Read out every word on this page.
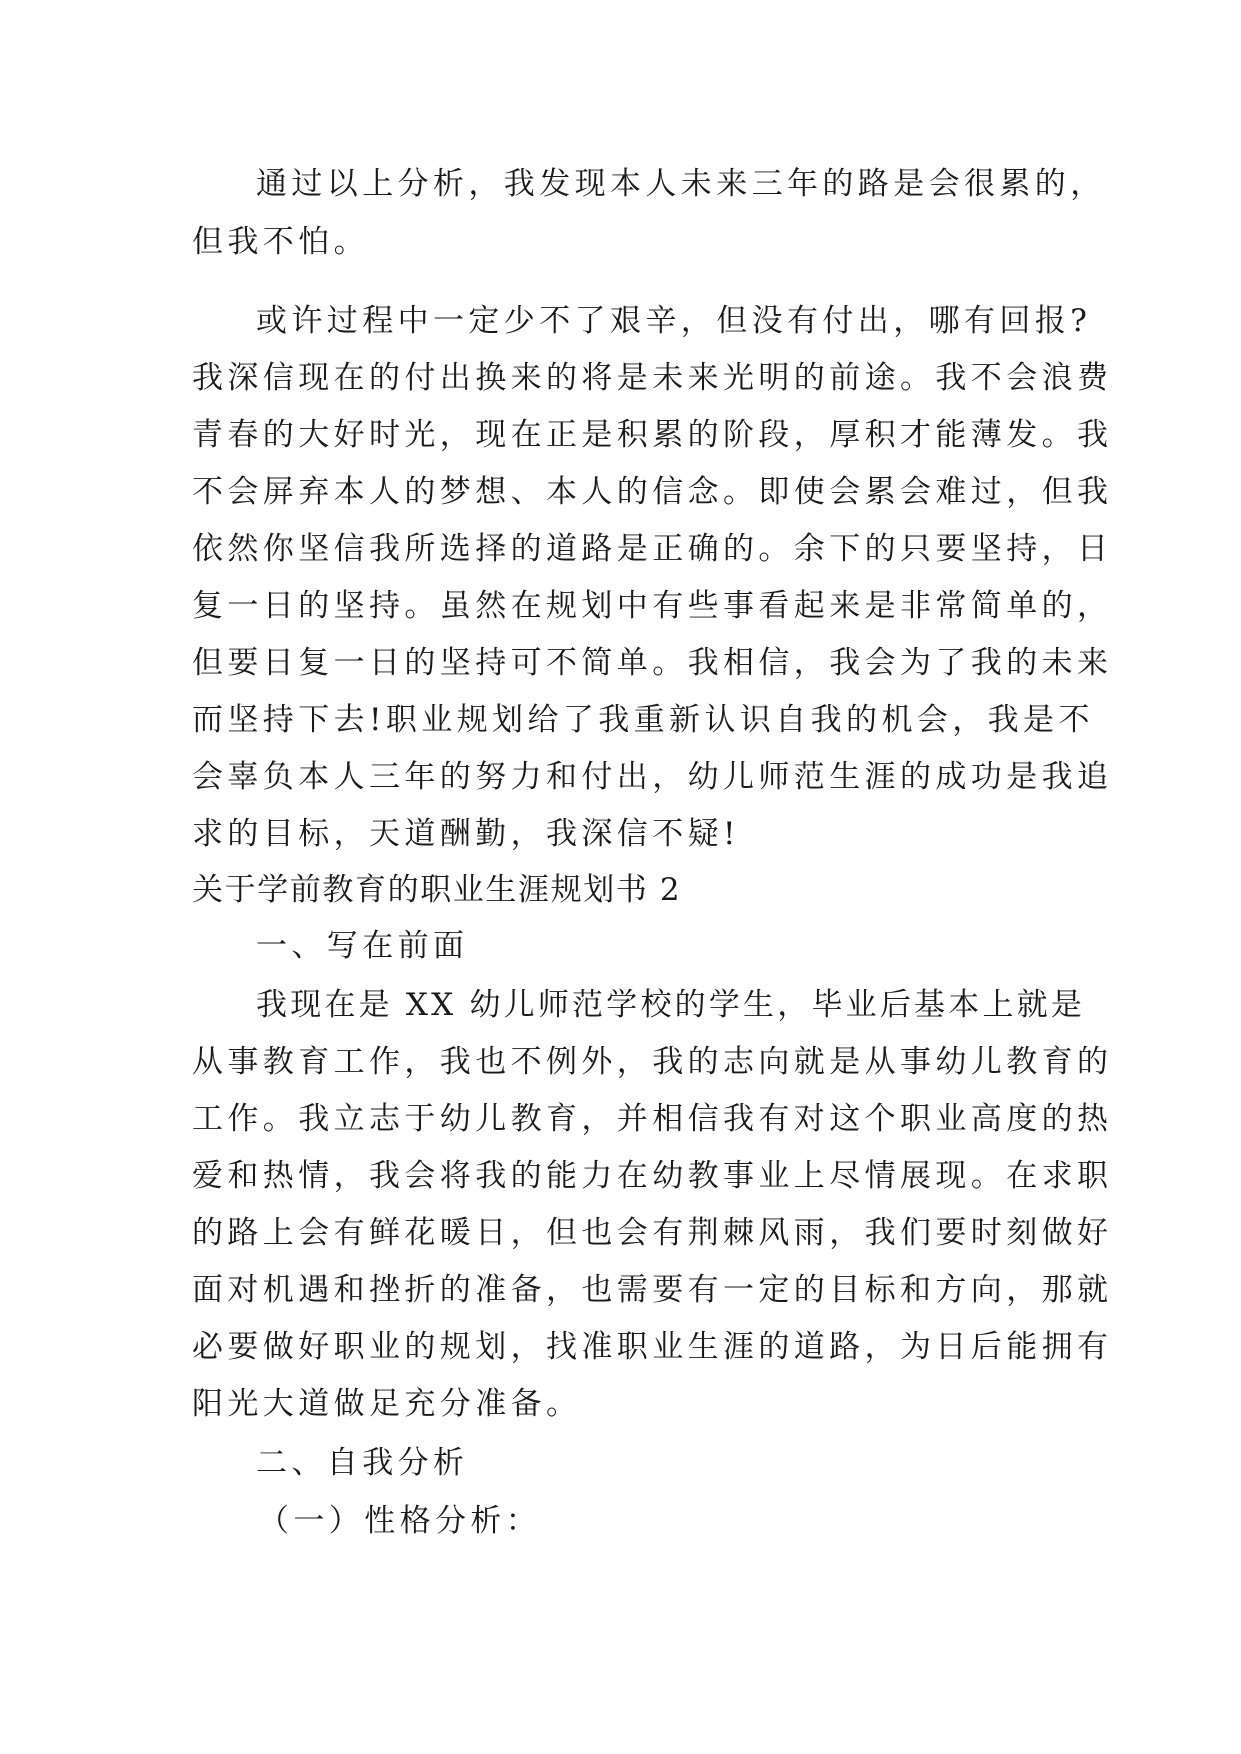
通过以上分析，我发现本人未来三年的路是会很累的，

但我不怕。

或许过程中一定少不了艰辛，但没有付出，哪有回报?

我深信现在的付出换来的将是未来光明的前途。我不会浪费

青春的大好时光，现在正是积累的阶段，厚积才能薄发。我

不会屏弃本人的梦想、本人的信念。即使会累会难过，但我

依然你坚信我所选择的道路是正确的。余下的只要坚持，日

复一日的坚持。虽然在规划中有些事看起来是非常简单的，

但要日复一日的坚持可不简单。我相信，我会为了我的未来

而坚持下去!职业规划给了我重新认识自我的机会，我是不

会辜负本人三年的努力和付出，幼儿师范生涯的成功是我追

求的目标，天道酬勤，我深信不疑!

关于学前教育的职业生涯规划书 2

一、写在前面

我现在是 XX 幼儿师范学校的学生，毕业后基本上就是

从事教育工作，我也不例外，我的志向就是从事幼儿教育的

工作。我立志于幼儿教育，并相信我有对这个职业高度的热

爱和热情，我会将我的能力在幼教事业上尽情展现。在求职

的路上会有鲜花暖日，但也会有荆棘风雨，我们要时刻做好

面对机遇和挫折的准备，也需要有一定的目标和方向，那就

必要做好职业的规划，找准职业生涯的道路，为日后能拥有

阳光大道做足充分准备。

二、自我分析

（一）性格分析：
